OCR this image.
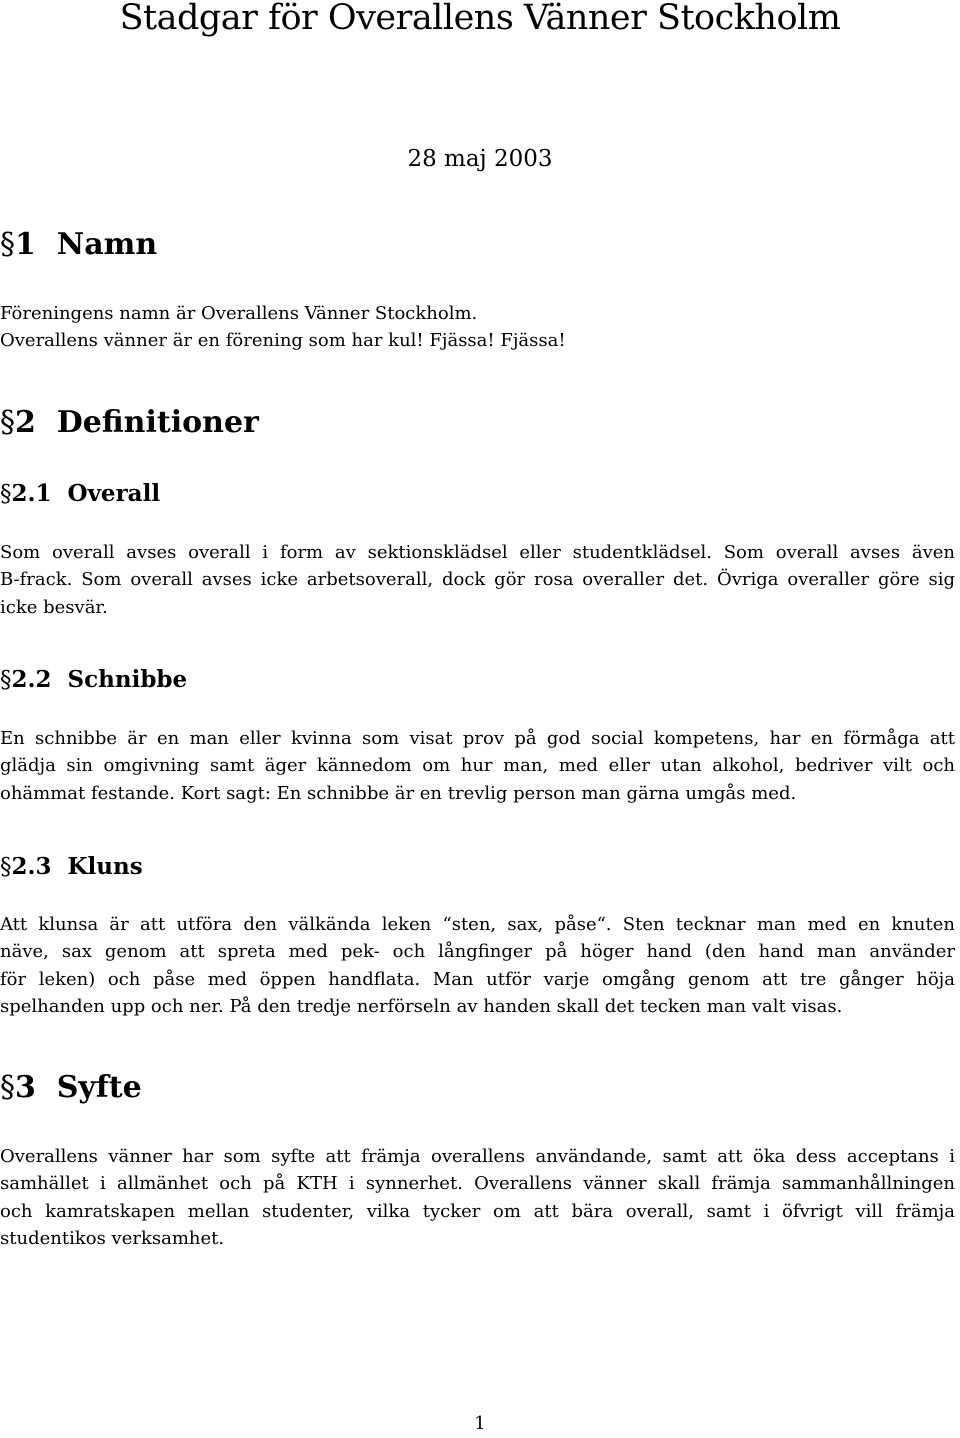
Stadgar för Overallens Vänner Stockholm
28 maj 2003
§1 Namn

Föreningens namn är Overallens Vänner Stockholm.
Overallens vänner är en förening som har kul! Fjässa! Fjässa!

§2 Definitioner
§2.1 Overall

Som overall avses overall i form av sektionsklädsel eller studentklädsel. Som overall avses även
B-frack. Som overall avses icke arbetsoverall, dock gör rosa overaller det. Övriga overaller göre sig
icke besvär.

§2.2 Schnibbe

En schnibbe är en man eller kvinna som visat prov på god social kompetens, har en förmåga att
glädja sin omgivning samt äger kännedom om hur man, med eller utan alkohol, bedriver vilt och
ohämmat festande. Kort sagt: En schnibbe är en trevlig person man gärna umgås med.

§2.3 Kluns

Att klunsa är att utföra den välkända leken “sten, sax, påse“. Sten tecknar man med en knuten
näve, sax genom att spreta med pek- och långfinger på höger hand (den hand man använder
för leken) och påse med öppen handflata. Man utför varje omgång genom att tre gånger höja
spelhanden upp och ner. På den tredje nerförseln av handen skall det tecken man valt visas.

§3 Syfte

Overallens vänner har som syfte att främja overallens användande, samt att öka dess acceptans i
samhället i allmänhet och på KTH i synnerhet. Overallens vänner skall främja sammanhållningen
och kamratskapen mellan studenter, vilka tycker om att bära overall, samt i öfvrigt vill främja
studentikos verksamhet.

1
